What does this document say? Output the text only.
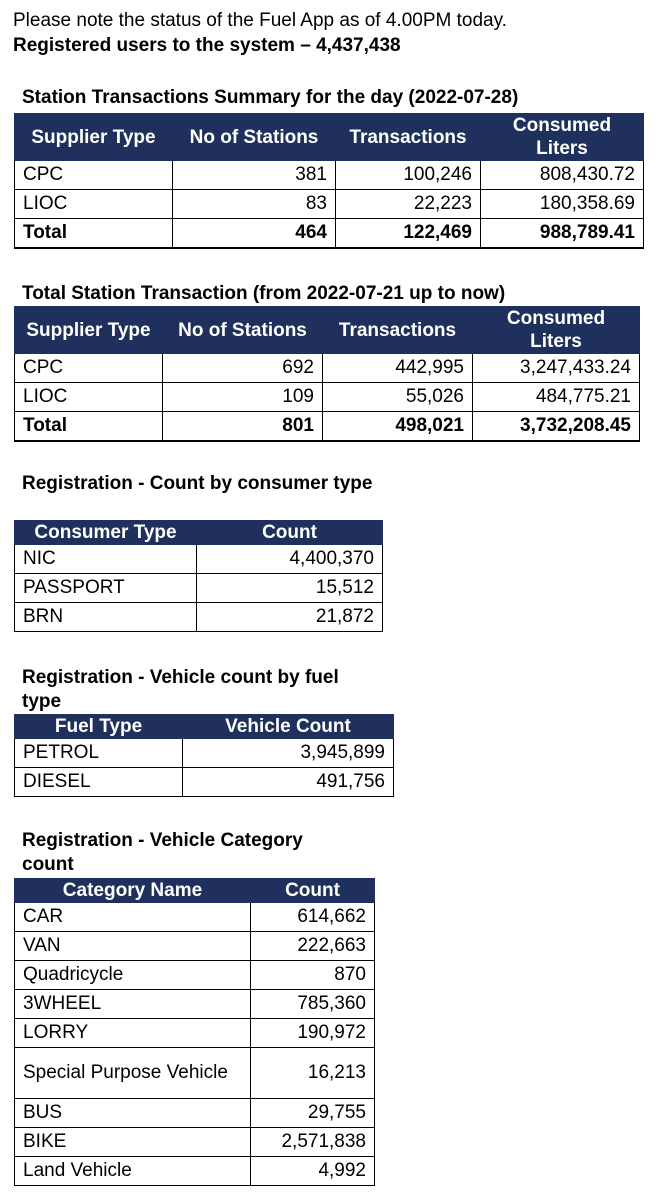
Please note the status of the Fuel App as of 4.00PM today.
Registered users to the system – 4,437,438
Station Transactions Summary for the day (2022-07-28)
Supplier Type	No of Stations	Transactions	Consumed Liters
CPC	381	100,246	808,430.72
LIOC	83	22,223	180,358.69
Total	464	122,469	988,789.41
Total Station Transaction (from 2022-07-21 up to now)
Supplier Type	No of Stations	Transactions	Consumed Liters
CPC	692	442,995	3,247,433.24
LIOC	109	55,026	484,775.21
Total	801	498,021	3,732,208.45
Registration - Count by consumer type
Consumer Type	Count
NIC	4,400,370
PASSPORT	15,512
BRN	21,872
Registration - Vehicle count by fuel type
Fuel Type	Vehicle Count
PETROL	3,945,899
DIESEL	491,756
Registration - Vehicle Category count
Category Name	Count
CAR	614,662
VAN	222,663
Quadricycle	870
3WHEEL	785,360
LORRY	190,972
Special Purpose Vehicle	16,213
BUS	29,755
BIKE	2,571,838
Land Vehicle	4,992
